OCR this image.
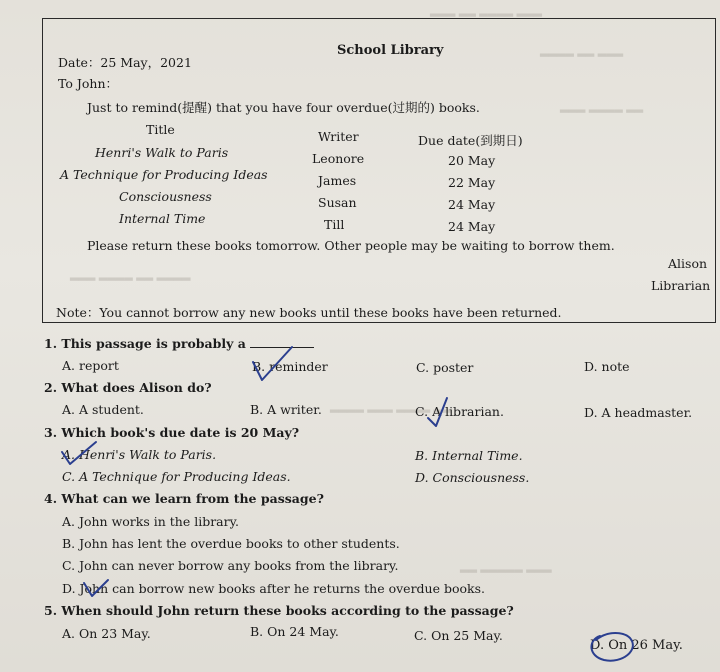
▂▂▂ ▂▂ ▂▂▂▂ ▂▂▂
▂▂▂▂ ▂▂ ▂▂▂
▂▂▂ ▂▂▂▂ ▂▂
▂▂▂ ▂▂▂▂ ▂▂ ▂▂▂▂
▂▂▂▂ ▂▂▂ ▂▂▂▂ ▂▂
▂▂ ▂▂▂▂▂ ▂▂▂
School Library
Date：25 May，2021
To John：
Just to remind(提醒) that you have four overdue(过期的) books.
Title	Writer	Due date(到期日)
Henri's Walk to Paris	Leonore	20 May
A Technique for Producing Ideas	James	22 May
Consciousness	Susan	24 May
Internal Time	Till	24 May
Please return these books tomorrow. Other people may be waiting to borrow them.
Alison
Librarian
Note：You cannot borrow any new books until these books have been returned.
1. This passage is probably a
A. report	B. reminder	C. poster	D. note
2. What does Alison do?
A. A student.	B. A writer.	C. A librarian.	D. A headmaster.
3. Which book's due date is 20 May?
A. Henri's Walk to Paris.	B. Internal Time.
C. A Technique for Producing Ideas.	D. Consciousness.
4. What can we learn from the passage?
A. John works in the library.
B. John has lent the overdue books to other students.
C. John can never borrow any books from the library.
D. John can borrow new books after he returns the overdue books.
5. When should John return these books according to the passage?
A. On 23 May.	B. On 24 May.	C. On 25 May.
D. On 26 May.
